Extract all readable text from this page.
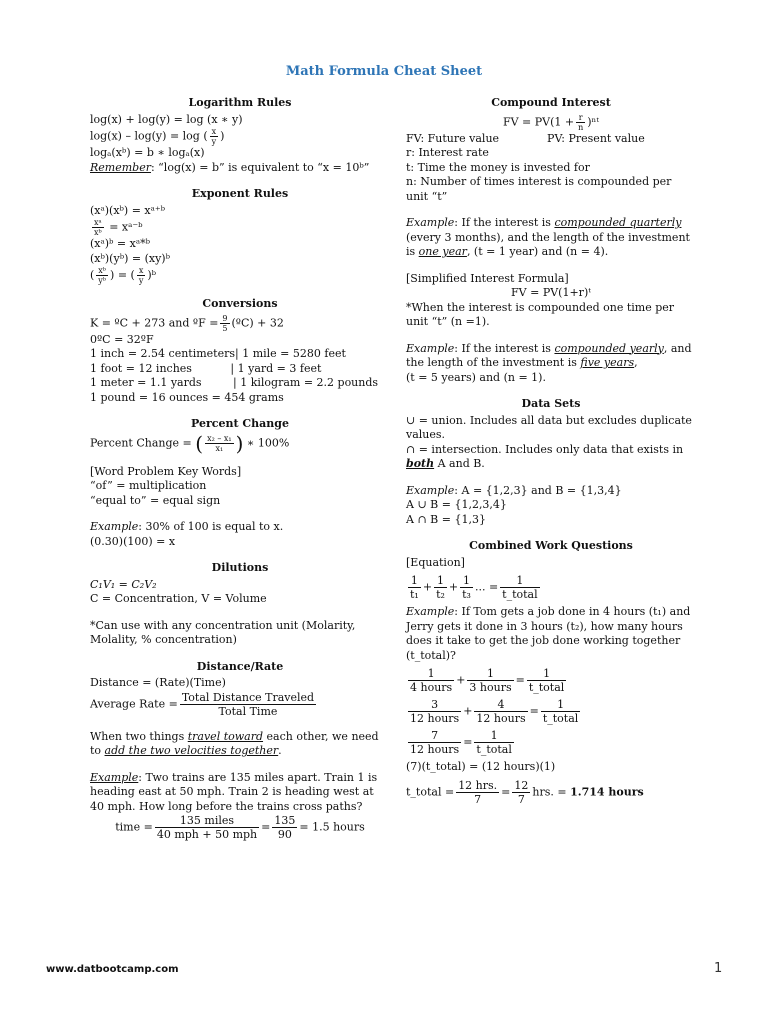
Math Formula Cheat Sheet
Logarithm Rules
log(x) + log(y) = log (x ∗ y)
log(x) – log(y) = log ( $\frac{x}{y}$ )
logₐ(xᵇ) = b ∗ logₐ(x)
Remember: “log(x) = b” is equivalent to “x = 10ᵇ”
Exponent Rules
(xᵃ)(xᵇ) = xᵃ⁺ᵇ
$\frac{\text{xᵃ}}{\text{xᵇ}}$ = xᵃ⁻ᵇ
(xᵃ)ᵇ = xᵃ*ᵇ
(xᵇ)(yᵇ) = (xy)ᵇ
( $\frac{\text{xᵇ}}{\text{yᵇ}}$ ) = ( $\frac{x}{y}$ )ᵇ
Conversions
K = ºC + 273 and ºF = $\frac{9}{5}$ (ºC) + 32
0ºC = 32ºF
1 inch = 2.54 centimeters| 1 mile = 5280 feet
1 foot = 12 inches           | 1 yard = 3 feet
1 meter = 1.1 yards         | 1 kilogram = 2.2 pounds
1 pound = 16 ounces = 454 grams
Percent Change
Percent Change = ( $\frac{\text{x₂ – x₁}}{\text{x₁}}$ ) ∗ 100%
[Word Problem Key Words]
“of” = multiplication
“equal to” = equal sign
Example: 30% of 100 is equal to x.
(0.30)(100) = x
Dilutions
C₁V₁ = C₂V₂
C = Concentration, V = Volume
*Can use with any concentration unit (Molarity, Molality, % concentration)
Distance/Rate
Distance = (Rate)(Time)
Average Rate = $\frac{\text{Total Distance Traveled}}{\text{Total Time}}$
When two things travel toward each other, we need to add the two velocities together.
Example: Two trains are 135 miles apart. Train 1 is heading east at 50 mph. Train 2 is heading west at 40 mph. How long before the trains cross paths?
time = $\frac{\text{135 miles}}{\text{40 mph + 50 mph}} = \frac{135}{90} = 1.5$ hours
Compound Interest
FV = $PV(1 + \frac{r}{n}$ )ⁿᵗ
FV: Future value	PV: Present value
r: Interest rate
t: Time the money is invested for
n: Number of times interest is compounded per unit “t”
Example: If the interest is compounded quarterly (every 3 months), and the length of the investment is one year, (t = 1 year) and (n = 4).
[Simplified Interest Formula]
FV = PV(1+r)ᵗ
*When the interest is compounded one time per unit “t” (n =1).
Example: If the interest is compounded yearly, and the length of the investment is five years,
(t = 5 years) and (n = 1).
Data Sets
∪ = union. Includes all data but excludes duplicate values.
∩ = intersection. Includes only data that exists in both A and B.
Example: A = {1,2,3} and B = {1,3,4}
A ∪ B = {1,2,3,4}
A ∩ B = {1,3}
Combined Work Questions
[Equation]
$\frac{1}{\text{t₁}} + \frac{1}{\text{t₂}} + \frac{1}{\text{t₃}}$ ... = $\frac{1}{\text{t\_total}}$
Example: If Tom gets a job done in 4 hours (t₁) and Jerry gets it done in 3 hours (t₂), how many hours does it take to get the job done working together (t_total)?
$\frac{1}{\text{4 hours}} + \frac{1}{\text{3 hours}} = \frac{1}{\text{t\_total}}$
$\frac{3}{\text{12 hours}} + \frac{4}{\text{12 hours}} = \frac{1}{\text{t\_total}}$
$\frac{7}{\text{12 hours}} = \frac{1}{\text{t\_total}}$
(7)(t_total) = (12 hours)(1)
t_total = $\frac{\text{12 hrs.}}{7} = \frac{12}{7}$ hrs. = 1.714 hours
www.datbootcamp.com	1
